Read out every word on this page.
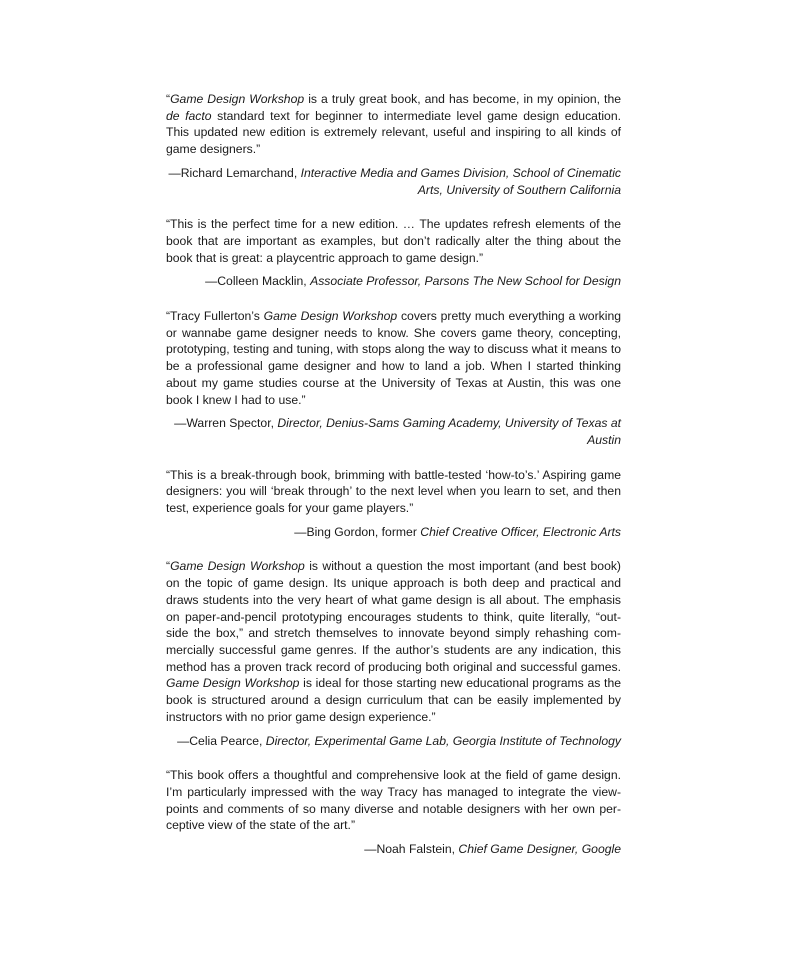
“Game Design Workshop is a truly great book, and has become, in my opinion, the de facto standard text for beginner to intermediate level game design education. This updated new edition is extremely relevant, useful and inspiring to all kinds of game designers.”

—Richard Lemarchand, Interactive Media and Games Division, School of Cinematic Arts, University of Southern California

“This is the perfect time for a new edition. … The updates refresh elements of the book that are important as examples, but don’t radically alter the thing about the book that is great: a playcentric approach to game design.”

—Colleen Macklin, Associate Professor, Parsons The New School for Design

“Tracy Fullerton’s Game Design Workshop covers pretty much everything a working or wannabe game designer needs to know. She covers game theory, concepting, prototyping, testing and tuning, with stops along the way to discuss what it means to be a professional game designer and how to land a job. When I started thinking about my game studies course at the University of Texas at Austin, this was one book I knew I had to use.”

—Warren Spector, Director, Denius-Sams Gaming Academy, University of Texas at Austin

“This is a break-through book, brimming with battle-tested ‘how-to’s.’ Aspiring game designers: you will ‘break through’ to the next level when you learn to set, and then test, experience goals for your game players.”

—Bing Gordon, former Chief Creative Officer, Electronic Arts

“Game Design Workshop is without a question the most important (and best book) on the topic of game design. Its unique approach is both deep and practical and draws students into the very heart of what game design is all about. The emphasis on paper-and-pencil prototyping encourages students to think, quite literally, “outside the box,” and stretch themselves to innovate beyond simply rehashing commercially successful game genres. If the author’s students are any indication, this method has a proven track record of producing both original and successful games. Game Design Workshop is ideal for those starting new educational programs as the book is structured around a design curriculum that can be easily implemented by instructors with no prior game design experience.”

—Celia Pearce, Director, Experimental Game Lab, Georgia Institute of Technology

“This book offers a thoughtful and comprehensive look at the field of game design. I’m particularly impressed with the way Tracy has managed to integrate the viewpoints and comments of so many diverse and notable designers with her own perceptive view of the state of the art.”

—Noah Falstein, Chief Game Designer, Google
